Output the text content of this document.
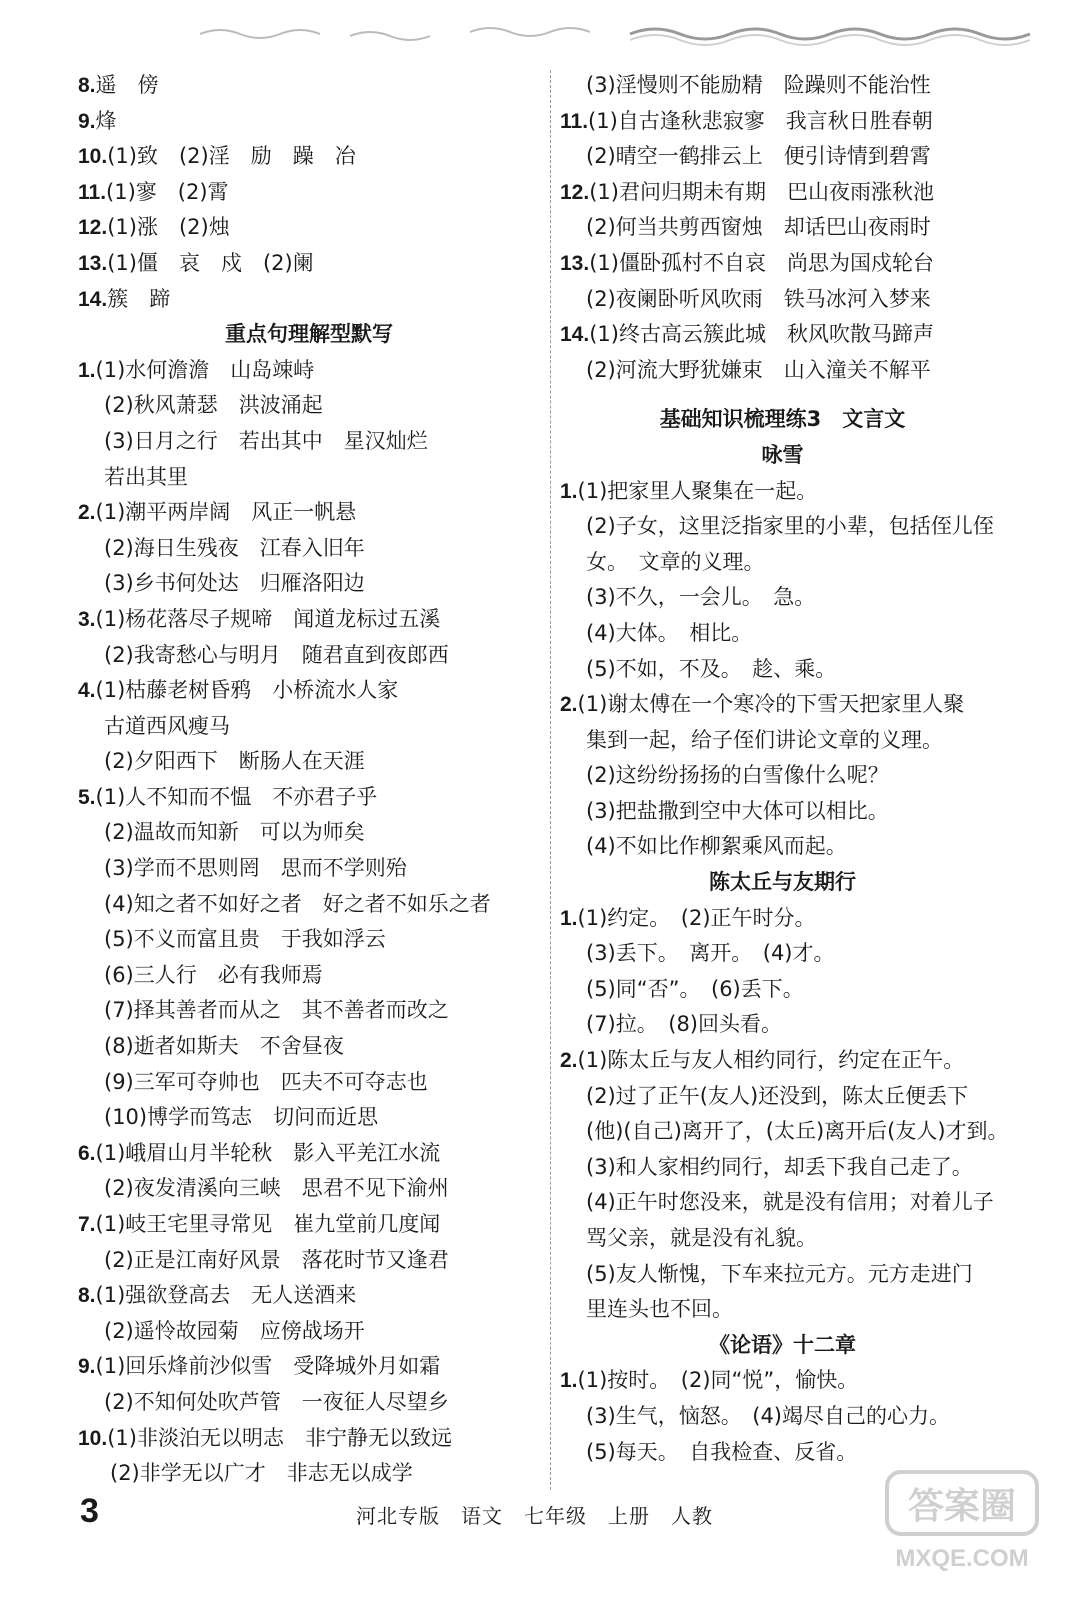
8.遥　傍
9.烽
10.(1)致　(2)淫　励　躁　冶
11.(1)寥　(2)霄
12.(1)涨　(2)烛
13.(1)僵　哀　戍　(2)阑
14.簇　蹄
重点句理解型默写
1.(1)水何澹澹　山岛竦峙
(2)秋风萧瑟　洪波涌起
(3)日月之行　若出其中　星汉灿烂
若出其里
2.(1)潮平两岸阔　风正一帆悬
(2)海日生残夜　江春入旧年
(3)乡书何处达　归雁洛阳边
3.(1)杨花落尽子规啼　闻道龙标过五溪
(2)我寄愁心与明月　随君直到夜郎西
4.(1)枯藤老树昏鸦　小桥流水人家
古道西风瘦马
(2)夕阳西下　断肠人在天涯
5.(1)人不知而不愠　不亦君子乎
(2)温故而知新　可以为师矣
(3)学而不思则罔　思而不学则殆
(4)知之者不如好之者　好之者不如乐之者
(5)不义而富且贵　于我如浮云
(6)三人行　必有我师焉
(7)择其善者而从之　其不善者而改之
(8)逝者如斯夫　不舍昼夜
(9)三军可夺帅也　匹夫不可夺志也
(10)博学而笃志　切问而近思
6.(1)峨眉山月半轮秋　影入平羌江水流
(2)夜发清溪向三峡　思君不见下渝州
7.(1)岐王宅里寻常见　崔九堂前几度闻
(2)正是江南好风景　落花时节又逢君
8.(1)强欲登高去　无人送酒来
(2)遥怜故园菊　应傍战场开
9.(1)回乐烽前沙似雪　受降城外月如霜
(2)不知何处吹芦管　一夜征人尽望乡
10.(1)非淡泊无以明志　非宁静无以致远
(2)非学无以广才　非志无以成学
(3)淫慢则不能励精　险躁则不能治性
11.(1)自古逢秋悲寂寥　我言秋日胜春朝
(2)晴空一鹤排云上　便引诗情到碧霄
12.(1)君问归期未有期　巴山夜雨涨秋池
(2)何当共剪西窗烛　却话巴山夜雨时
13.(1)僵卧孤村不自哀　尚思为国戍轮台
(2)夜阑卧听风吹雨　铁马冰河入梦来
14.(1)终古高云簇此城　秋风吹散马蹄声
(2)河流大野犹嫌束　山入潼关不解平
基础知识梳理练3　文言文
咏雪
1.(1)把家里人聚集在一起。
(2)子女，这里泛指家里的小辈，包括侄儿侄
女。　文章的义理。
(3)不久，一会儿。　急。
(4)大体。　相比。
(5)不如，不及。　趁、乘。
2.(1)谢太傅在一个寒冷的下雪天把家里人聚
集到一起，给子侄们讲论文章的义理。
(2)这纷纷扬扬的白雪像什么呢？
(3)把盐撒到空中大体可以相比。
(4)不如比作柳絮乘风而起。
陈太丘与友期行
1.(1)约定。　(2)正午时分。
(3)丢下。　离开。　(4)才。
(5)同“否”。　(6)丢下。
(7)拉。　(8)回头看。
2.(1)陈太丘与友人相约同行，约定在正午。
(2)过了正午(友人)还没到，陈太丘便丢下
(他)(自己)离开了，(太丘)离开后(友人)才到。
(3)和人家相约同行，却丢下我自己走了。
(4)正午时您没来，就是没有信用；对着儿子
骂父亲，就是没有礼貌。
(5)友人惭愧，下车来拉元方。元方走进门
里连头也不回。
《论语》十二章
1.(1)按时。　(2)同“悦”，愉快。
(3)生气，恼怒。　(4)竭尽自己的心力。
(5)每天。　自我检查、反省。
3	河北专版　语文　七年级　上册　人教	答案圈
MXQE.COM
